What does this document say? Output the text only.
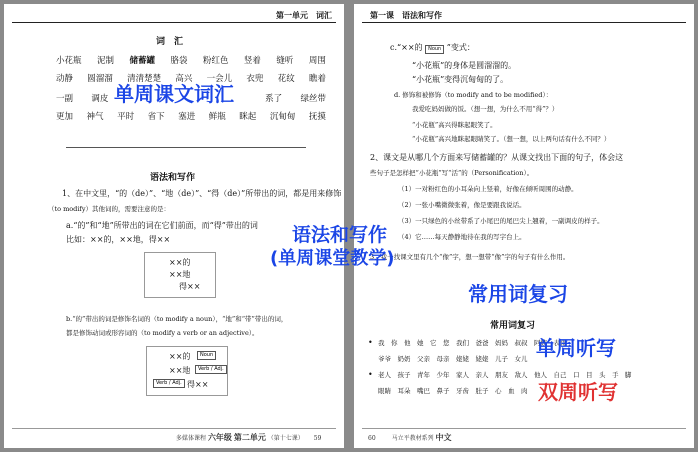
第一单元　词汇
词　汇
小花瓶 泥制 储蓄罐 胳袋 粉红色 竖着 缝听 周围
动静 圆溜溜 清清楚楚 高兴 一会儿 衣兜 花纹 瞧着
一副 调皮	系了 绿丝带
更加 神气 平时 省下 塞进 鲜瓶 眯起 沉甸甸 抚摸
语法和写作
1、在中文里，“的（de）”、“地（de）”、“得（de）”所带出的词，都是用来修饰
（to modify）其他词的，需要注意的是：
a.“的”和“地”所带出的词在它们前面，而“得”带出的词
比如：××的，××地，得××
××的
××地
得××
b.“的”带出的词是修饰名词的（to modify a noun），“地”和“带”带出的词，
都是修饰动词或形容词的（to modify a verb or an adjective）。
××的	Noun
××地	Verb / Adj.
Verb / Adj. 得××
多媒体课程 六年级 第二单元 （第十七课） 59
第一课　语法和写作
c.“××的 Noun ”变式：
“小花瓶”的身体是圆溜溜的。
“小花瓶”变得沉甸甸的了。
d. 修饰和被修饰（to modify and to be modified）：
我爱吃妈妈做的饭。（想一想，为什么不用“得”？）
“小花瓶”高兴得眯起眼笑了。
“小花瓶”高兴地眯起眼睛笑了。（想一想，以上两句话有什么不同？）
2、课文是从哪几个方面来写储蓄罐的？从课文找出下面的句子，体会这
些句子是怎样把“小花瓶”写“活”的（Personification）。
（1）一对粉红色的小耳朵向上竖着，好像在倾听周围的动静。
（2）一张小嘴微微张着，像是要跟我说话。
（3）一只绿色的小丝带系了小尾巴的尾巴尖上翘着，一副调皮的样子。
（4）它……每天静静地待在我的写字台上。
3、我一找课文里有几个“像”字，想一想带“像”字的句子有什么作用。
常用词复习
• 我　你　他　她　它　您　我们　爸爸　妈妈　叔叔　阿姨　表哥
爷爷　奶奶　父亲　母亲　姥姥　姥姥　儿子　女儿
• 老人　孩子　青年　少年　家人　亲人　朋友　敌人　他人　自己　口　目　头　手　脚
眼睛　耳朵　嘴巴　鼻子　牙齿　肚子　心　血　肉
60	马立平教材系列 中文
单周课文词汇
语法和写作
(单周课堂教学)
常用词复习
单周听写
双周听写
